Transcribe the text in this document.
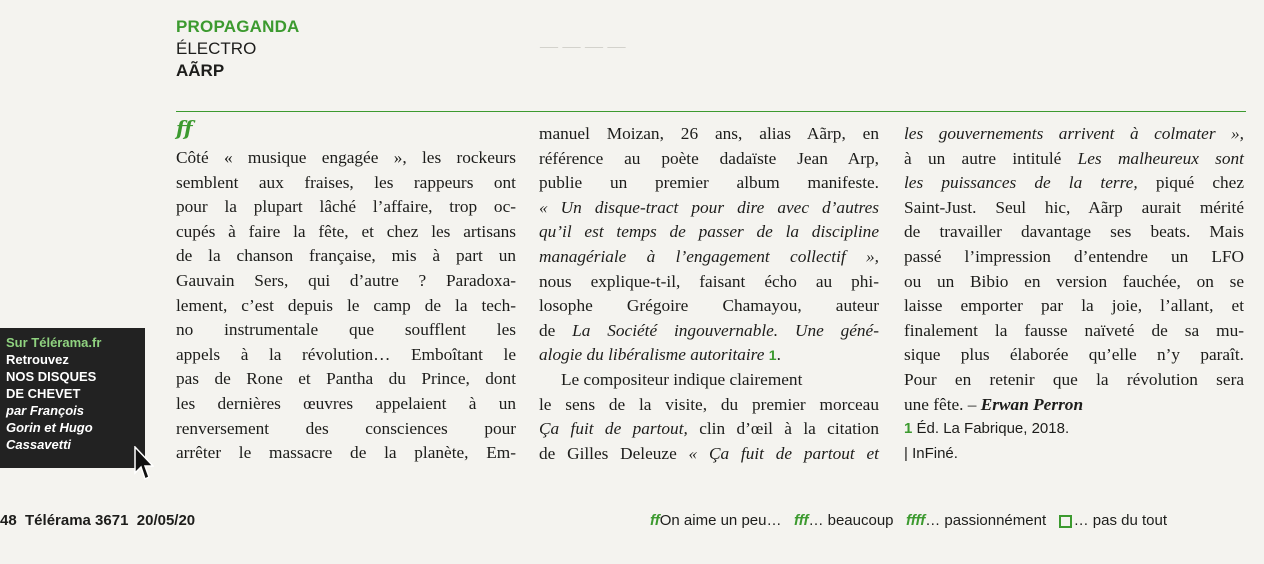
— — — —
PROPAGANDA
ÉLECTRO
AÃRP
ff
Côté « musique engagée », les rockeurs
semblent aux fraises, les rappeurs ont
pour la plupart lâché l’affaire, trop oc-
cupés à faire la fête, et chez les artisans
de la chanson française, mis à part un
Gauvain Sers, qui d’autre ? Paradoxa-
lement, c’est depuis le camp de la tech-
no instrumentale que soufflent les
appels à la révolution… Emboîtant le
pas de Rone et Pantha du Prince, dont
les dernières œuvres appelaient à un
renversement des consciences pour
arrêter le massacre de la planète, Em-
manuel Moizan, 26 ans, alias Aãrp, en
référence au poète dadaïste Jean Arp,
publie un premier album manifeste.
« Un disque-tract pour dire avec d’autres
qu’il est temps de passer de la discipline
managériale à l’engagement collectif »,
nous explique-t-il, faisant écho au phi-
losophe Grégoire Chamayou, auteur
de La Société ingouvernable. Une géné-
alogie du libéralisme autoritaire 1.
Le compositeur indique clairement
le sens de la visite, du premier morceau
Ça fuit de partout, clin d’œil à la citation
de Gilles Deleuze « Ça fuit de partout et
les gouvernements arrivent à colmater »,
à un autre intitulé Les malheureux sont
les puissances de la terre, piqué chez
Saint-Just. Seul hic, Aãrp aurait mérité
de travailler davantage ses beats. Mais
passé l’impression d’entendre un LFO
ou un Bibio en version fauchée, on se
laisse emporter par la joie, l’allant, et
finalement la fausse naïveté de sa mu-
sique plus élaborée qu’elle n’y paraît.
Pour en retenir que la révolution sera
une fête. – Erwan Perron
1 Éd. La Fabrique, 2018.
| InFiné.
Sur Télérama.fr
Retrouvez
NOS DISQUES
DE CHEVET
par François
Gorin et Hugo
Cassavetti
48  Télérama 3671  20/05/20	ffOn aime un peu… fff… beaucoup ffff… passionnément … pas du tout
